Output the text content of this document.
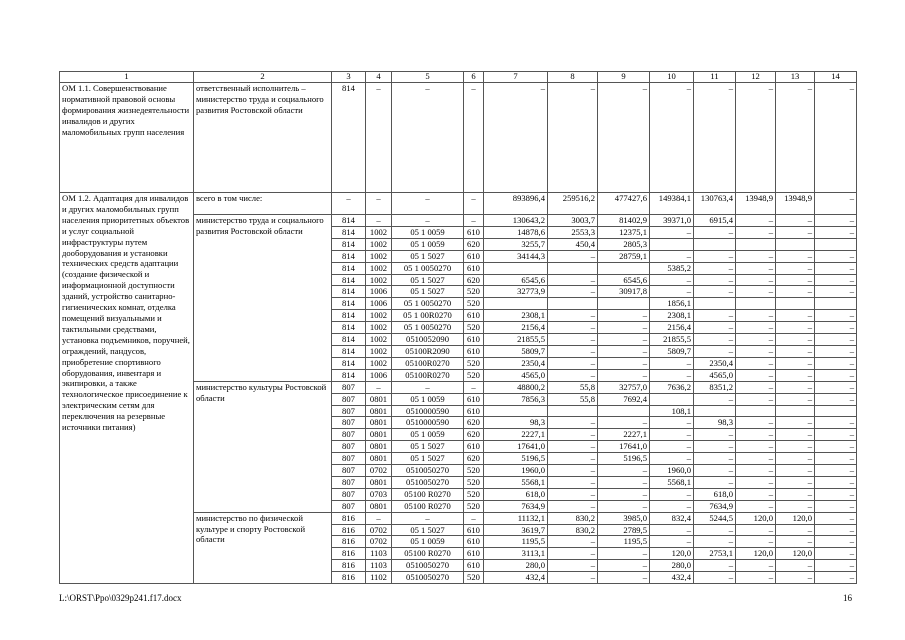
1	2	3	4	5	6	7	8	9	10	11	12	13	14
ОМ 1.1. Совершенствование нормативной правовой основы формирования жизнедеятельности инвалидов и других маломобильных групп населения	ответственный исполнитель – министерство труда и социального развития Ростовской области	814	–	–	–	–	–	–	–	–	–	–	–
ОМ 1.2. Адаптация для инвалидов и других маломобильных групп населения приоритетных объектов и услуг социальной инфраструктуры путем дооборудования и установки технических средств адаптации (создание физической и информационной доступности зданий, устройство санитарно-гигиенических комнат, отделка помещений визуальными и тактильными средствами, установка подъемников, поручней, ограждений, пандусов, приобретение спортивного оборудования, инвентаря и экипировки, а также технологическое присоединение к электрическим сетям для переключения на резервные источники питания)	всего в том числе:	–	–	–	–	893896,4	259516,2	477427,6	149384,1	130763,4	13948,9	13948,9	–
	министерство труда и социального развития Ростовской области	814	–	–	–	130643,2	3003,7	81402,9	39371,0	6915,4	–	–	–
		814	1002	05 1 0059	610	14878,6	2553,3	12375,1	–	–	–	–	–
		814	1002	05 1 0059	620	3255,7	450,4	2805,3					
		814	1002	05 1 5027	610	34144,3	–	28759,1	–	–	–	–	–
		814	1002	05 1 0050270	610				5385,2	–	–	–	–
		814	1002	05 1 5027	620	6545,6	–	6545,6	–	–	–	–	–
		814	1006	05 1 5027	520	32773,9	–	30917,8	–	–	–	–	–
		814	1006	05 1 0050270	520				1856,1				
		814	1002	05 1 00R0270	610	2308,1	–	–	2308,1	–	–	–	–
		814	1002	05 1 0050270	520	2156,4	–	–	2156,4	–	–	–	–
		814	1002	0510052090	610	21855,5	–	–	21855,5	–	–	–	–
		814	1002	05100R2090	610	5809,7	–	–	5809,7	–	–	–	–
		814	1002	05100R0270	520	2350,4	–	–	–	2350,4	–	–	–
		814	1006	05100R0270	520	4565,0	–	–	–	4565,0	–	–	–
	министерство культуры Ростовской области	807	–	–	–	48800,2	55,8	32757,0	7636,2	8351,2	–	–	–
		807	0801	05 1 0059	610	7856,3	55,8	7692,4		–	–	–	–
		807	0801	0510000590	610				108,1				
		807	0801	0510000590	620	98,3	–	–	–	98,3	–	–	–
		807	0801	05 1 0059	620	2227,1	–	2227,1	–	–	–	–	–
		807	0801	05 1 5027	610	17641,0	–	17641,0	–	–	–	–	–
		807	0801	05 1 5027	620	5196,5	–	5196,5	–	–	–	–	–
		807	0702	0510050270	520	1960,0	–	–	1960,0	–	–	–	–
		807	0801	0510050270	520	5568,1	–	–	5568,1	–	–	–	–
		807	0703	05100 R0270	520	618,0	–	–	–	618,0	–	–	–
		807	0801	05100 R0270	520	7634,9	–	–	–	7634,9	–	–	–
	министерство по физической культуре и спорту Ростовской области	816	–	–	–	11132,1	830,2	3985,0	832,4	5244,5	120,0	120,0	–
		816	0702	05 1 5027	610	3619,7	830,2	2789,5	–	–	–	–	–
		816	0702	05 1 0059	610	1195,5	–	1195,5	–	–	–	–	–
		816	1103	05100 R0270	610	3113,1	–	–	120,0	2753,1	120,0	120,0	–
		816	1103	0510050270	610	280,0	–	–	280,0	–	–	–	–
		816	1102	0510050270	520	432,4	–	–	432,4	–	–	–	–
L:\ORST\Ppo\0329p241.f17.docx	16
